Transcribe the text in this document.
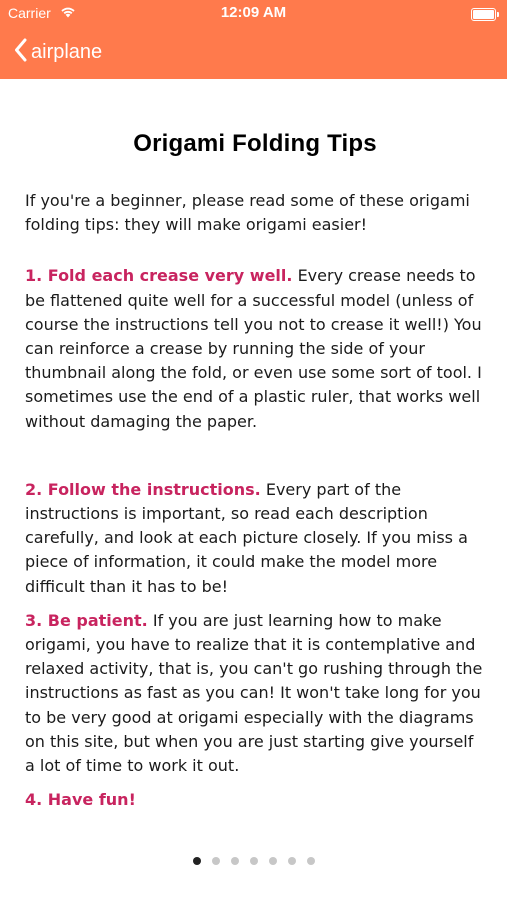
Carrier	12:09 AM
airplane
Origami Folding Tips

If you're a beginner, please read some of these origami folding tips: they will make origami easier!

1. Fold each crease very well. Every crease needs to be flattened quite well for a successful model (unless of course the instructions tell you not to crease it well!) You can reinforce a crease by running the side of your thumbnail along the fold, or even use some sort of tool. I sometimes use the end of a plastic ruler, that works well without damaging the paper.

2. Follow the instructions. Every part of the instructions is important, so read each description carefully, and look at each picture closely. If you miss a piece of information, it could make the model more difficult than it has to be!

3. Be patient. If you are just learning how to make origami, you have to realize that it is contemplative and relaxed activity, that is, you can't go rushing through the instructions as fast as you can! It won't take long for you to be very good at origami especially with the diagrams on this site, but when you are just starting give yourself a lot of time to work it out.

4. Have fun!
